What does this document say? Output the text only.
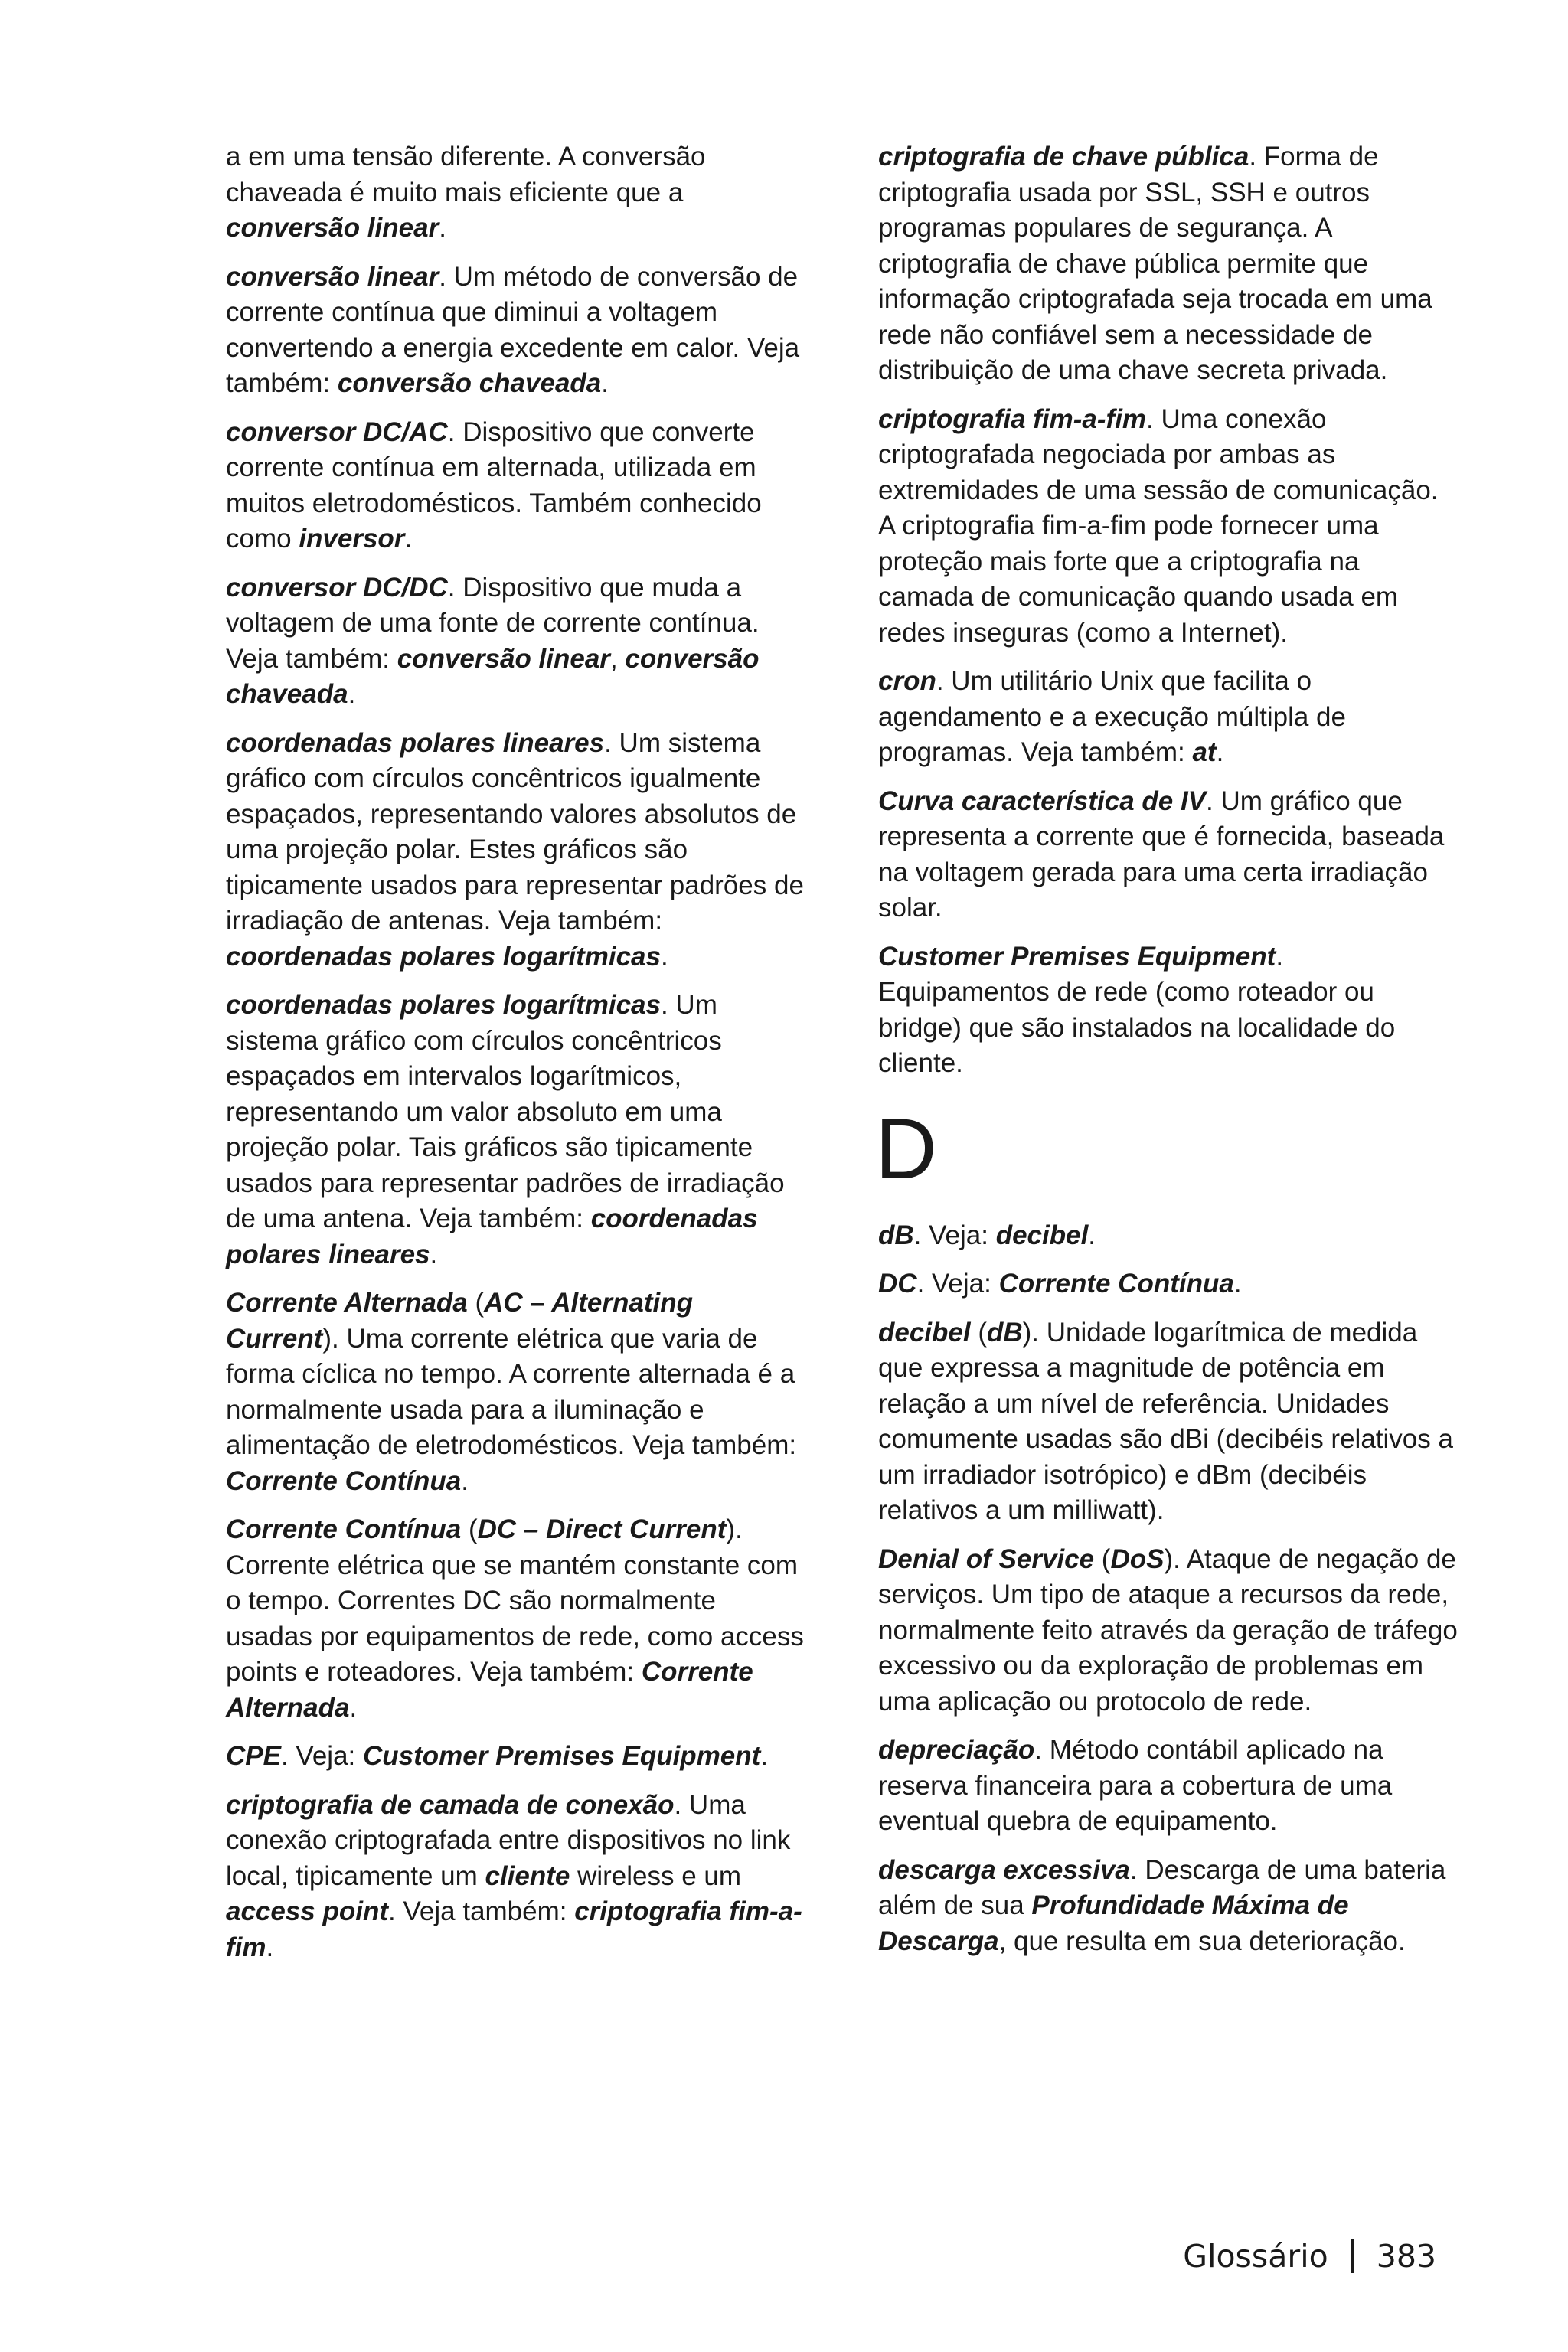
a em uma tensão diferente. A conversão chaveada é muito mais eficiente que a conversão linear.

conversão linear. Um método de conversão de corrente contínua que diminui a voltagem convertendo a energia excedente em calor. Veja também: conversão chaveada.

conversor DC/AC. Dispositivo que converte corrente contínua em alternada, utilizada em muitos eletrodomésticos. Também conhecido como inversor.

conversor DC/DC. Dispositivo que muda a voltagem de uma fonte de corrente contínua. Veja também: conversão linear, conversão chaveada.

coordenadas polares lineares. Um sistema gráfico com círculos concêntricos igualmente espaçados, representando valores absolutos de uma projeção polar. Estes gráficos são tipicamente usados para representar padrões de irradiação de antenas. Veja também: coordenadas polares logarítmicas.

coordenadas polares logarítmicas. Um sistema gráfico com círculos concêntricos espaçados em intervalos logarítmicos, representando um valor absoluto em uma projeção polar. Tais gráficos são tipicamente usados para representar padrões de irradiação de uma antena. Veja também: coordenadas polares lineares.

Corrente Alternada (AC – Alternating Current). Uma corrente elétrica que varia de forma cíclica no tempo. A corrente alternada é a normalmente usada para a iluminação e alimentação de eletrodomésticos. Veja também: Corrente Contínua.

Corrente Contínua (DC – Direct Current). Corrente elétrica que se mantém constante com o tempo. Correntes DC são normalmente usadas por equipamentos de rede, como access points e roteadores. Veja também: Corrente Alternada.

CPE. Veja: Customer Premises Equipment.

criptografia de camada de conexão. Uma conexão criptografada entre dispositivos no link local, tipicamente um cliente wireless e um access point. Veja também: criptografia fim-a-fim.

criptografia de chave pública. Forma de criptografia usada por SSL, SSH e outros programas populares de segurança. A criptografia de chave pública permite que informação criptografada seja trocada em uma rede não confiável sem a necessidade de distribuição de uma chave secreta privada.

criptografia fim-a-fim. Uma conexão criptografada negociada por ambas as extremidades de uma sessão de comunicação. A criptografia fim-a-fim pode fornecer uma proteção mais forte que a criptografia na camada de comunicação quando usada em redes inseguras (como a Internet).

cron. Um utilitário Unix que facilita o agendamento e a execução múltipla de programas. Veja também: at.

Curva característica de IV. Um gráfico que representa a corrente que é fornecida, baseada na voltagem gerada para uma certa irradiação solar.

Customer Premises Equipment. Equipamentos de rede (como roteador ou bridge) que são instalados na localidade do cliente.

D

dB. Veja: decibel.

DC. Veja: Corrente Contínua.

decibel (dB). Unidade logarítmica de medida que expressa a magnitude de potência em relação a um nível de referência. Unidades comumente usadas são dBi (decibéis relativos a um irradiador isotrópico) e dBm (decibéis relativos a um milliwatt).

Denial of Service (DoS). Ataque de negação de serviços. Um tipo de ataque a recursos da rede, normalmente feito através da geração de tráfego excessivo ou da exploração de problemas em uma aplicação ou protocolo de rede.

depreciação. Método contábil aplicado na reserva financeira para a cobertura de uma eventual quebra de equipamento.

descarga excessiva. Descarga de uma bateria além de sua Profundidade Máxima de Descarga, que resulta em sua deterioração.

Glossário 383
